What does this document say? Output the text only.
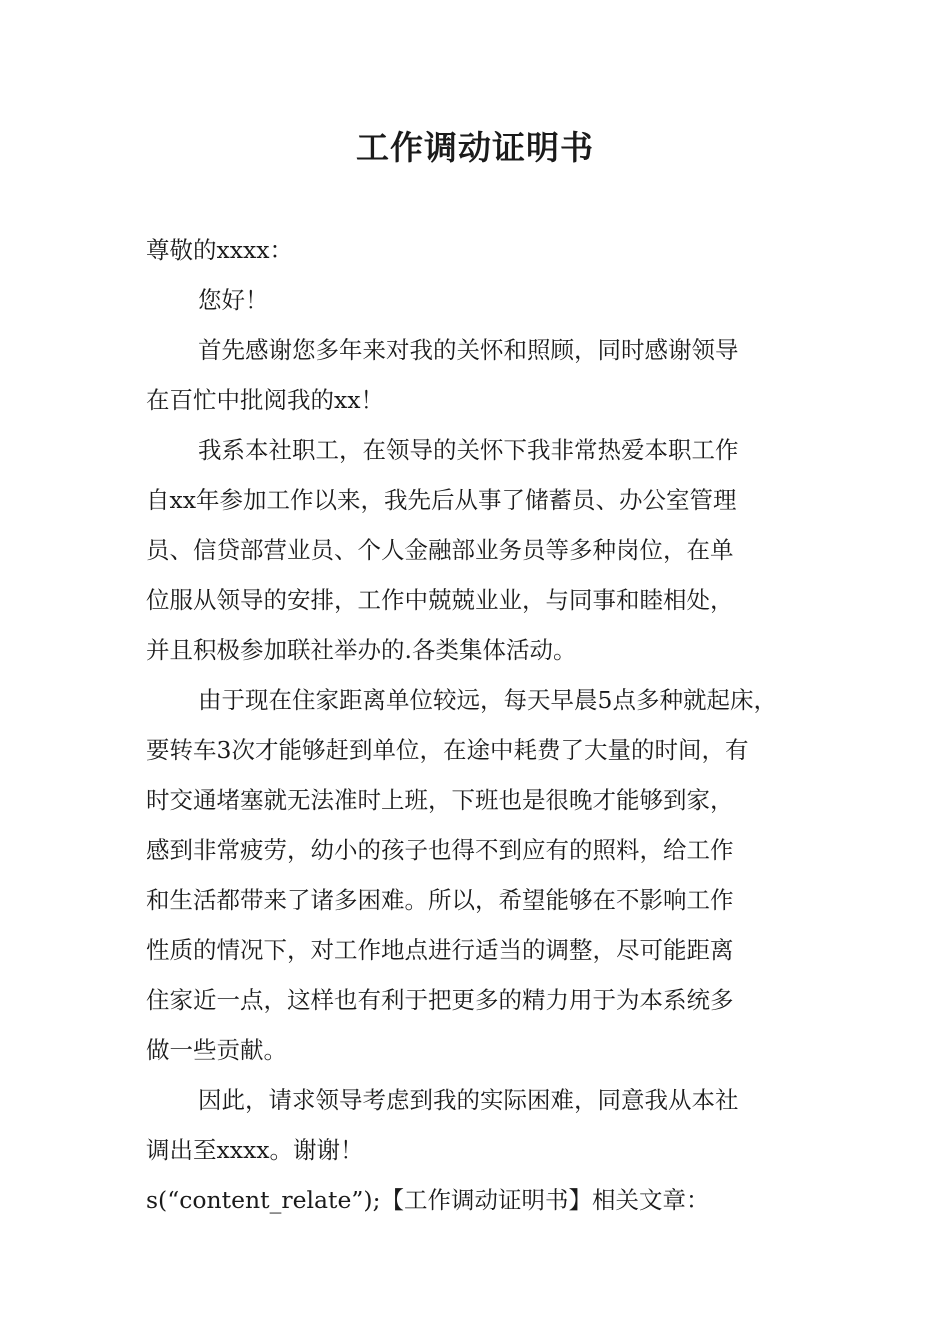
工作调动证明书
尊敬的xxxx：
您好！
首先感谢您多年来对我的关怀和照顾，同时感谢领导
在百忙中批阅我的xx！
我系本社职工，在领导的关怀下我非常热爱本职工作
自xx年参加工作以来，我先后从事了储蓄员、办公室管理
员、信贷部营业员、个人金融部业务员等多种岗位，在单
位服从领导的安排，工作中兢兢业业，与同事和睦相处，
并且积极参加联社举办的.各类集体活动。
由于现在住家距离单位较远，每天早晨5点多种就起床，
要转车3次才能够赶到单位，在途中耗费了大量的时间，有
时交通堵塞就无法准时上班，下班也是很晚才能够到家，
感到非常疲劳，幼小的孩子也得不到应有的照料，给工作
和生活都带来了诸多困难。所以，希望能够在不影响工作
性质的情况下，对工作地点进行适当的调整，尽可能距离
住家近一点，这样也有利于把更多的精力用于为本系统多
做一些贡献。
因此，请求领导考虑到我的实际困难，同意我从本社
调出至xxxx。谢谢！
s(“content_relate”);【工作调动证明书】相关文章：
